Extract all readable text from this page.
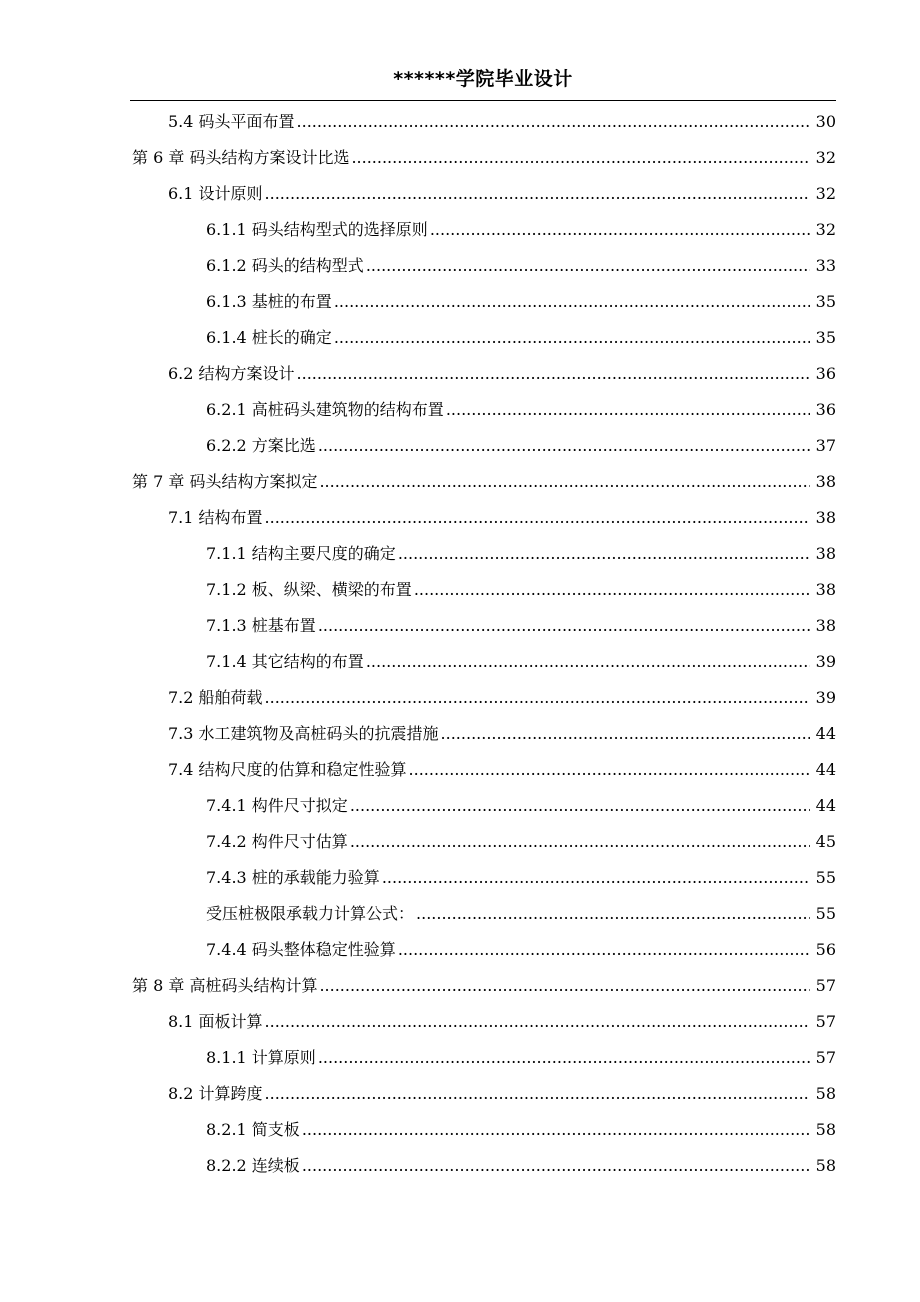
******学院毕业设计
5.4 码头平面布置 .....	30
第 6 章 码头结构方案设计比选 .....	32
6.1 设计原则 .....	32
6.1.1 码头结构型式的选择原则 .....	32
6.1.2 码头的结构型式 .....	33
6.1.3 基桩的布置 .....	35
6.1.4 桩长的确定 .....	35
6.2 结构方案设计 .....	36
6.2.1 高桩码头建筑物的结构布置 .....	36
6.2.2 方案比选 .....	37
第 7 章 码头结构方案拟定 .....	38
7.1 结构布置 .....	38
7.1.1 结构主要尺度的确定 .....	38
7.1.2 板、纵梁、横梁的布置 .....	38
7.1.3 桩基布置 .....	38
7.1.4 其它结构的布置 .....	39
7.2 船舶荷载 .....	39
7.3 水工建筑物及高桩码头的抗震措施 .....	44
7.4 结构尺度的估算和稳定性验算 .....	44
7.4.1 构件尺寸拟定 .....	44
7.4.2 构件尺寸估算 .....	45
7.4.3 桩的承载能力验算 .....	55
受压桩极限承载力计算公式： .....	55
7.4.4 码头整体稳定性验算 .....	56
第 8 章 高桩码头结构计算 .....	57
8.1 面板计算 .....	57
8.1.1 计算原则 .....	57
8.2 计算跨度 .....	58
8.2.1 简支板 .....	58
8.2.2 连续板 .....	58
